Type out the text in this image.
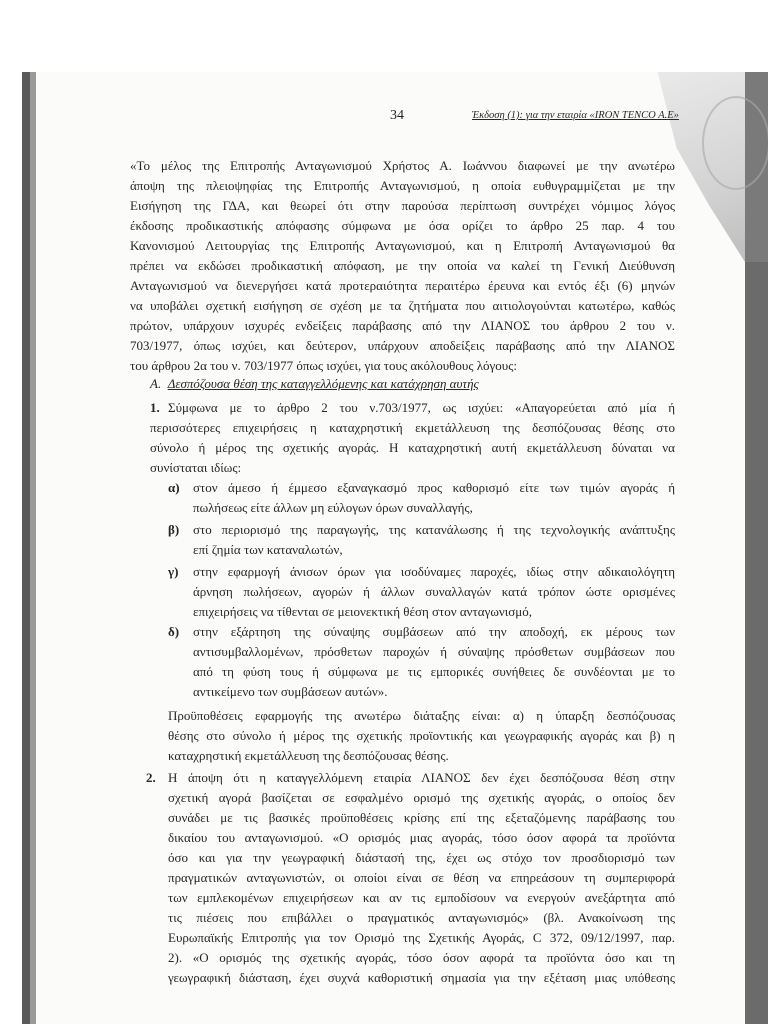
34	Έκδοση (1): για την εταιρία «IRON TENCO A.E»
«Το μέλος της Επιτροπής Ανταγωνισμού Χρήστος Α. Ιωάννου διαφωνεί με την ανωτέρω
άποψη της πλειοψηφίας της Επιτροπής Ανταγωνισμού, η οποία ευθυγραμμίζεται με την
Εισήγηση της ΓΔΑ, και θεωρεί ότι στην παρούσα περίπτωση συντρέχει νόμιμος λόγος
έκδοσης προδικαστικής απόφασης σύμφωνα με όσα ορίζει το άρθρο 25 παρ. 4 του
Κανονισμού Λειτουργίας της Επιτροπής Ανταγωνισμού, και η Επιτροπή Ανταγωνισμού θα
πρέπει να εκδώσει προδικαστική απόφαση, με την οποία να καλεί τη Γενική Διεύθυνση
Ανταγωνισμού να διενεργήσει κατά προτεραιότητα περαιτέρω έρευνα και εντός έξι (6) μηνών
να υποβάλει σχετική εισήγηση σε σχέση με τα ζητήματα που αιτιολογούνται κατωτέρω, καθώς
πρώτον, υπάρχουν ισχυρές ενδείξεις παράβασης από την ΛΙΑΝΟΣ του άρθρου 2 του ν.
703/1977, όπως ισχύει, και δεύτερον, υπάρχουν αποδείξεις παράβασης από την ΛΙΑΝΟΣ
του άρθρου 2α του ν. 703/1977 όπως ισχύει, για τους ακόλουθους λόγους:
Α. Δεσπόζουσα θέση της καταγγελλόμενης και κατάχρηση αυτής
1. Σύμφωνα με το άρθρο 2 του ν.703/1977, ως ισχύει: «Απαγορεύεται από μία ή
περισσότερες επιχειρήσεις η καταχρηστική εκμετάλλευση της δεσπόζουσας θέσης στο
σύνολο ή μέρος της σχετικής αγοράς. Η καταχρηστική αυτή εκμετάλλευση δύναται να
συνίσταται ιδίως:
α) στον άμεσο ή έμμεσο εξαναγκασμό προς καθορισμό είτε των τιμών αγοράς ή
πωλήσεως είτε άλλων μη εύλογων όρων συναλλαγής,
β) στο περιορισμό της παραγωγής, της κατανάλωσης ή της τεχνολογικής ανάπτυξης
επί ζημία των καταναλωτών,
γ) στην εφαρμογή άνισων όρων για ισοδύναμες παροχές, ιδίως στην αδικαιολόγητη
άρνηση πωλήσεων, αγορών ή άλλων συναλλαγών κατά τρόπον ώστε ορισμένες
επιχειρήσεις να τίθενται σε μειονεκτική θέση στον ανταγωνισμό,
δ) στην εξάρτηση της σύναψης συμβάσεων από την αποδοχή, εκ μέρους των
αντισυμβαλλομένων, πρόσθετων παροχών ή σύναψης πρόσθετων συμβάσεων που
από τη φύση τους ή σύμφωνα με τις εμπορικές συνήθειες δε συνδέονται με το
αντικείμενο των συμβάσεων αυτών».
Προϋποθέσεις εφαρμογής της ανωτέρω διάταξης είναι: α) η ύπαρξη δεσπόζουσας
θέσης στο σύνολο ή μέρος της σχετικής προϊοντικής και γεωγραφικής αγοράς και β) η
καταχρηστική εκμετάλλευση της δεσπόζουσας θέσης.
2. Η άποψη ότι η καταγγελλόμενη εταιρία ΛΙΑΝΟΣ δεν έχει δεσπόζουσα θέση στην
σχετική αγορά βασίζεται σε εσφαλμένο ορισμό της σχετικής αγοράς, ο οποίος δεν
συνάδει με τις βασικές προϋποθέσεις κρίσης επί της εξεταζόμενης παράβασης του
δικαίου του ανταγωνισμού. «Ο ορισμός μιας αγοράς, τόσο όσον αφορά τα προϊόντα
όσο και για την γεωγραφική διάστασή της, έχει ως στόχο τον προσδιορισμό των
πραγματικών ανταγωνιστών, οι οποίοι είναι σε θέση να επηρεάσουν τη συμπεριφορά
των εμπλεκομένων επιχειρήσεων και αν τις εμποδίσουν να ενεργούν ανεξάρτητα από
τις πιέσεις που επιβάλλει ο πραγματικός ανταγωνισμός» (βλ. Ανακοίνωση της
Ευρωπαϊκής Επιτροπής για τον Ορισμό της Σχετικής Αγοράς, C 372, 09/12/1997, παρ.
2). «Ο ορισμός της σχετικής αγοράς, τόσο όσον αφορά τα προϊόντα όσο και τη
γεωγραφική διάσταση, έχει συχνά καθοριστική σημασία για την εξέταση μιας υπόθεσης
